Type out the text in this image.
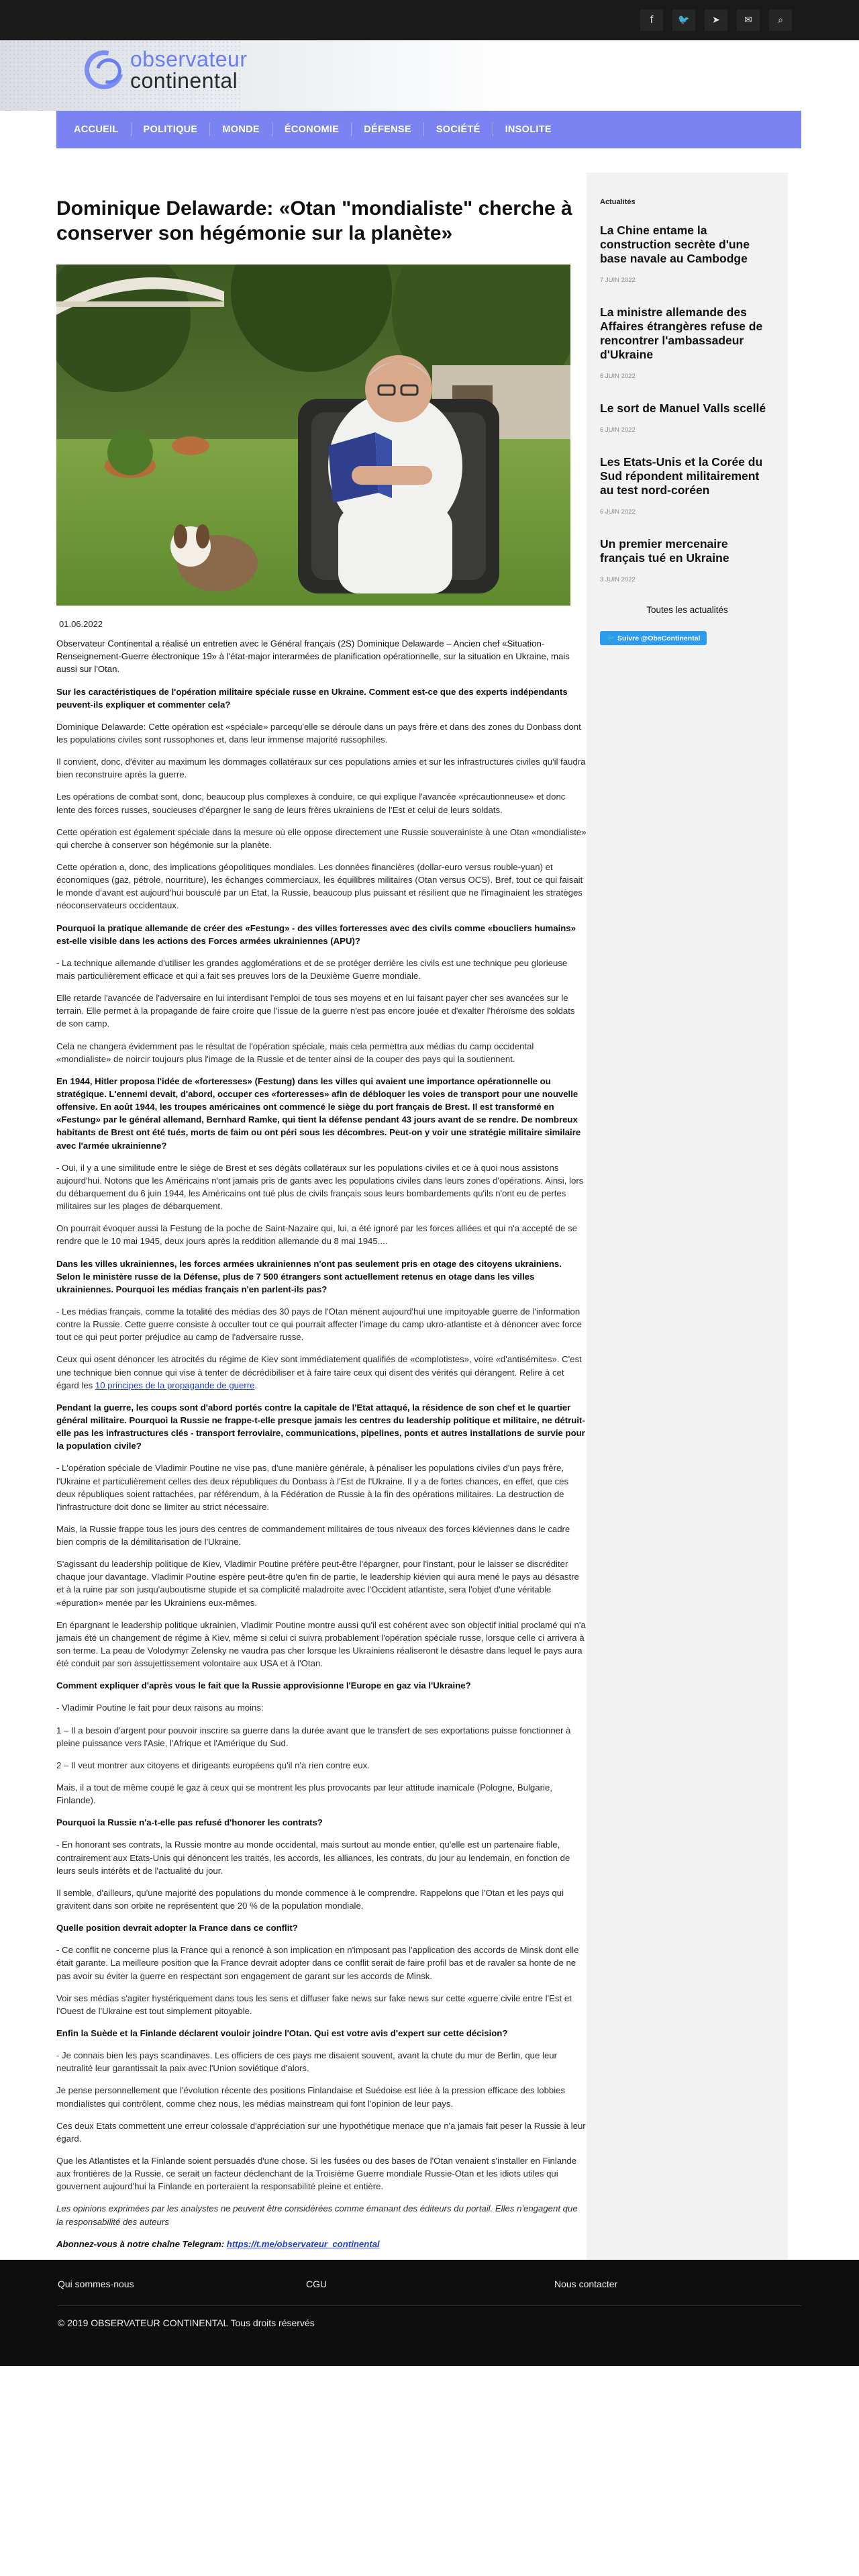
f	🐦 ➤	✉	⌕
observateur
continental
ACCUEIL	POLITIQUE	MONDE	ÉCONOMIE	DÉFENSE	SOCIÉTÉ	INSOLITE
Dominique Delawarde: «Otan "mondialiste" cherche à conserver son hégémonie sur la planète»
01.06.2022

Observateur Continental a réalisé un entretien avec le Général français (2S) Dominique Delawarde – Ancien chef «Situation-Renseignement-Guerre électronique 19» à l'état-major interarmées de planification opérationnelle, sur la situation en Ukraine, mais aussi sur l'Otan.

Sur les caractéristiques de l'opération militaire spéciale russe en Ukraine. Comment est-ce que des experts indépendants peuvent-ils expliquer et commenter cela?

Dominique Delawarde: Cette opération est «spéciale» parcequ'elle se déroule dans un pays frère et dans des zones du Donbass dont les populations civiles sont russophones et, dans leur immense majorité russophiles.

Il convient, donc, d'éviter au maximum les dommages collatéraux sur ces populations amies et sur les infrastructures civiles qu'il faudra bien reconstruire après la guerre.

Les opérations de combat sont, donc, beaucoup plus complexes à conduire, ce qui explique l'avancée «précautionneuse» et donc lente des forces russes, soucieuses d'épargner le sang de leurs frères ukrainiens de l'Est et celui de leurs soldats.

Cette opération est également spéciale dans la mesure où elle oppose directement une Russie souverainiste à une Otan «mondialiste» qui cherche à conserver son hégémonie sur la planète.

Cette opération a, donc, des implications géopolitiques mondiales. Les données financières (dollar-euro versus rouble-yuan) et économiques (gaz, pétrole, nourriture), les échanges commerciaux, les équilibres militaires (Otan versus OCS). Bref, tout ce qui faisait le monde d'avant est aujourd'hui bousculé par un Etat, la Russie, beaucoup plus puissant et résilient que ne l'imaginaient les stratèges néoconservateurs occidentaux.

Pourquoi la pratique allemande de créer des «Festung» - des villes forteresses avec des civils comme «boucliers humains» est-elle visible dans les actions des Forces armées ukrainiennes (APU)?

- La technique allemande d'utiliser les grandes agglomérations et de se protéger derrière les civils est une technique peu glorieuse mais particulièrement efficace et qui a fait ses preuves lors de la Deuxième Guerre mondiale.

Elle retarde l'avancée de l'adversaire en lui interdisant l'emploi de tous ses moyens et en lui faisant payer cher ses avancées sur le terrain. Elle permet à la propagande de faire croire que l'issue de la guerre n'est pas encore jouée et d'exalter l'héroïsme des soldats de son camp.

Cela ne changera évidemment pas le résultat de l'opération spéciale, mais cela permettra aux médias du camp occidental «mondialiste» de noircir toujours plus l'image de la Russie et de tenter ainsi de la couper des pays qui la soutiennent.

En 1944, Hitler proposa l'idée de «forteresses» (Festung) dans les villes qui avaient une importance opérationnelle ou stratégique. L'ennemi devait, d'abord, occuper ces «forteresses» afin de débloquer les voies de transport pour une nouvelle offensive. En août 1944, les troupes américaines ont commencé le siège du port français de Brest. Il est transformé en «Festung» par le général allemand, Bernhard Ramke, qui tient la défense pendant 43 jours avant de se rendre. De nombreux habitants de Brest ont été tués, morts de faim ou ont péri sous les décombres. Peut-on y voir une stratégie militaire similaire avec l'armée ukrainienne?

- Oui, il y a une similitude entre le siège de Brest et ses dégâts collatéraux sur les populations civiles et ce à quoi nous assistons aujourd'hui. Notons que les Américains n'ont jamais pris de gants avec les populations civiles dans leurs zones d'opérations. Ainsi, lors du débarquement du 6 juin 1944, les Américains ont tué plus de civils français sous leurs bombardements qu'ils n'ont eu de pertes militaires sur les plages de débarquement.

On pourrait évoquer aussi la Festung de la poche de Saint-Nazaire qui, lui, a été ignoré par les forces alliées et qui n'a accepté de se rendre que le 10 mai 1945, deux jours après la reddition allemande du 8 mai 1945....

Dans les villes ukrainiennes, les forces armées ukrainiennes n'ont pas seulement pris en otage des citoyens ukrainiens. Selon le ministère russe de la Défense, plus de 7 500 étrangers sont actuellement retenus en otage dans les villes ukrainiennes. Pourquoi les médias français n'en parlent-ils pas?

- Les médias français, comme la totalité des médias des 30 pays de l'Otan mènent aujourd'hui une impitoyable guerre de l'information contre la Russie. Cette guerre consiste à occulter tout ce qui pourrait affecter l'image du camp ukro-atlantiste et à dénoncer avec force tout ce qui peut porter préjudice au camp de l'adversaire russe.

Ceux qui osent dénoncer les atrocités du régime de Kiev sont immédiatement qualifiés de «complotistes», voire «d'antisémites». C'est une technique bien connue qui vise à tenter de décrédibiliser et à faire taire ceux qui disent des vérités qui dérangent. Relire à cet égard les 10 principes de la propagande de guerre.

Pendant la guerre, les coups sont d'abord portés contre la capitale de l'Etat attaqué, la résidence de son chef et le quartier général militaire. Pourquoi la Russie ne frappe-t-elle presque jamais les centres du leadership politique et militaire, ne détruit-elle pas les infrastructures clés - transport ferroviaire, communications, pipelines, ponts et autres installations de survie pour la population civile?

- L'opération spéciale de Vladimir Poutine ne vise pas, d'une manière générale, à pénaliser les populations civiles d'un pays frère, l'Ukraine et particulièrement celles des deux républiques du Donbass à l'Est de l'Ukraine. Il y a de fortes chances, en effet, que ces deux républiques soient rattachées, par référendum, à la Fédération de Russie à la fin des opérations militaires. La destruction de l'infrastructure doit donc se limiter au strict nécessaire.

Mais, la Russie frappe tous les jours des centres de commandement militaires de tous niveaux des forces kiéviennes dans le cadre bien compris de la démilitarisation de l'Ukraine.

S'agissant du leadership politique de Kiev, Vladimir Poutine préfère peut-être l'épargner, pour l'instant, pour le laisser se discréditer chaque jour davantage. Vladimir Poutine espère peut-être qu'en fin de partie, le leadership kiévien qui aura mené le pays au désastre et à la ruine par son jusqu'auboutisme stupide et sa complicité maladroite avec l'Occident atlantiste, sera l'objet d'une véritable «épuration» menée par les Ukrainiens eux-mêmes.

En épargnant le leadership politique ukrainien, Vladimir Poutine montre aussi qu'il est cohérent avec son objectif initial proclamé qui n'a jamais été un changement de régime à Kiev, même si celui ci suivra probablement l'opération spéciale russe, lorsque celle ci arrivera à son terme. La peau de Volodymyr Zelensky ne vaudra pas cher lorsque les Ukrainiens réaliseront le désastre dans lequel le pays aura été conduit par son assujettissement volontaire aux USA et à l'Otan.

Comment expliquer d'après vous le fait que la Russie approvisionne l'Europe en gaz via l'Ukraine?

- Vladimir Poutine le fait pour deux raisons au moins:

1 – Il a besoin d'argent pour pouvoir inscrire sa guerre dans la durée avant que le transfert de ses exportations puisse fonctionner à pleine puissance vers l'Asie, l'Afrique et l'Amérique du Sud.

2 – Il veut montrer aux citoyens et dirigeants européens qu'il n'a rien contre eux.

Mais, il a tout de même coupé le gaz à ceux qui se montrent les plus provocants par leur attitude inamicale (Pologne, Bulgarie, Finlande).

Pourquoi la Russie n'a-t-elle pas refusé d'honorer les contrats?

- En honorant ses contrats, la Russie montre au monde occidental, mais surtout au monde entier, qu'elle est un partenaire fiable, contrairement aux Etats-Unis qui dénoncent les traités, les accords, les alliances, les contrats, du jour au lendemain, en fonction de leurs seuls intérêts et de l'actualité du jour.

Il semble, d'ailleurs, qu'une majorité des populations du monde commence à le comprendre. Rappelons que l'Otan et les pays qui gravitent dans son orbite ne représentent que 20 % de la population mondiale.

Quelle position devrait adopter la France dans ce conflit?

- Ce conflit ne concerne plus la France qui a renoncé à son implication en n'imposant pas l'application des accords de Minsk dont elle était garante. La meilleure position que la France devrait adopter dans ce conflit serait de faire profil bas et de ravaler sa honte de ne pas avoir su éviter la guerre en respectant son engagement de garant sur les accords de Minsk.

Voir ses médias s'agiter hystériquement dans tous les sens et diffuser fake news sur fake news sur cette «guerre civile entre l'Est et l'Ouest de l'Ukraine est tout simplement pitoyable.

Enfin la Suède et la Finlande déclarent vouloir joindre l'Otan. Qui est votre avis d'expert sur cette décision?

- Je connais bien les pays scandinaves. Les officiers de ces pays me disaient souvent, avant la chute du mur de Berlin, que leur neutralité leur garantissait la paix avec l'Union soviétique d'alors.

Je pense personnellement que l'évolution récente des positions Finlandaise et Suédoise est liée à la pression efficace des lobbies mondialistes qui contrôlent, comme chez nous, les médias mainstream qui font l'opinion de leur pays.

Ces deux Etats commettent une erreur colossale d'appréciation sur une hypothétique menace que n'a jamais fait peser la Russie à leur égard.

Que les Atlantistes et la Finlande soient persuadés d'une chose. Si les fusées ou des bases de l'Otan venaient s'installer en Finlande aux frontières de la Russie, ce serait un facteur déclenchant de la Troisième Guerre mondiale Russie-Otan et les idiots utiles qui gouvernent aujourd'hui la Finlande en porteraient la responsabilité pleine et entière.

Les opinions exprimées par les analystes ne peuvent être considérées comme émanant des éditeurs du portail. Elles n'engagent que la responsabilité des auteurs

Abonnez-vous à notre chaîne Telegram: https://t.me/observateur_continental

Actualités
La Chine entame la construction secrète d'une base navale au Cambodge
7 JUIN 2022
La ministre allemande des Affaires étrangères refuse de rencontrer l'ambassadeur d'Ukraine
6 JUIN 2022
Le sort de Manuel Valls scellé
6 JUIN 2022
Les Etats-Unis et la Corée du Sud répondent militairement au test nord-coréen
6 JUIN 2022
Un premier mercenaire français tué en Ukraine
3 JUIN 2022
Toutes les actualités
🐦 Suivre @ObsContinental
Qui sommes-nous	CGU	Nous contacter
© 2019 OBSERVATEUR CONTINENTAL Tous droits réservés
